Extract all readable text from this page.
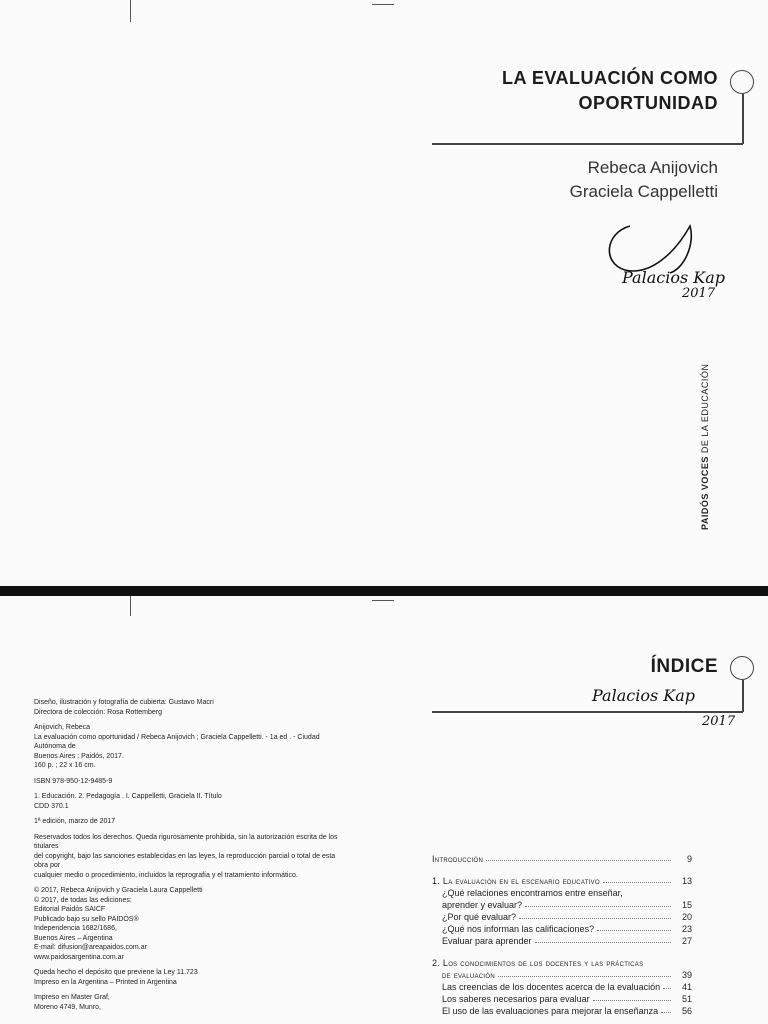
LA EVALUACIÓN COMO
OPORTUNIDAD
Rebeca Anijovich
Graciela Cappelletti
Palacios Kap
2017
PAIDÓS VOCES DE LA EDUCACIÓN
ÍNDICE
Palacios Kap
2017

Diseño, ilustración y fotografía de cubierta: Gustavo Macri

Directora de colección: Rosa Rottemberg

Anijovich, Rebeca

La evaluación como oportunidad / Rebeca Anijovich ; Graciela Cappelletti. - 1a ed . - Ciudad Autónoma de

Buenos Aires : Paidós, 2017.

160 p. ; 22 x 16 cm.

ISBN 978-950-12-9485-9

1. Educación. 2. Pedagogía . I. Cappelletti, Graciela II. Título

CDD 370.1

1ª edición, marzo de 2017

Reservados todos los derechos. Queda rigurosamente prohibida, sin la autorización escrita de los titulares

del copyright, bajo las sanciones establecidas en las leyes, la reproducción parcial o total de esta obra por

cualquier medio o procedimiento, incluidos la reprografía y el tratamiento informático.

© 2017, Rebeca Anijovich y Graciela Laura Cappelletti

© 2017, de todas las ediciones:

Editorial Paidós SAICF

Publicado bajo su sello PAIDÓS®

Independencia 1682/1686,

Buenos Aires – Argentina

E-mail: difusion@areapaidos.com.ar

www.paidosargentina.com.ar

Queda hecho el depósito que previene la Ley 11.723

Impreso en la Argentina – Printed in Argentina

Impreso en Master Graf,

Moreno 4749, Munro,

Introducción	9
1. La evaluación en el escenario educativo	13
¿Qué relaciones encontramos entre enseñar,
aprender y evaluar?	15
¿Por qué evaluar?	20
¿Qué nos informan las calificaciones?	23
Evaluar para aprender	27
2. Los conocimientos de los docentes y las prácticas
de evaluación	39
Las creencias de los docentes acerca de la evaluación	41
Los saberes necesarios para evaluar	51
El uso de las evaluaciones para mejorar la enseñanza	56
